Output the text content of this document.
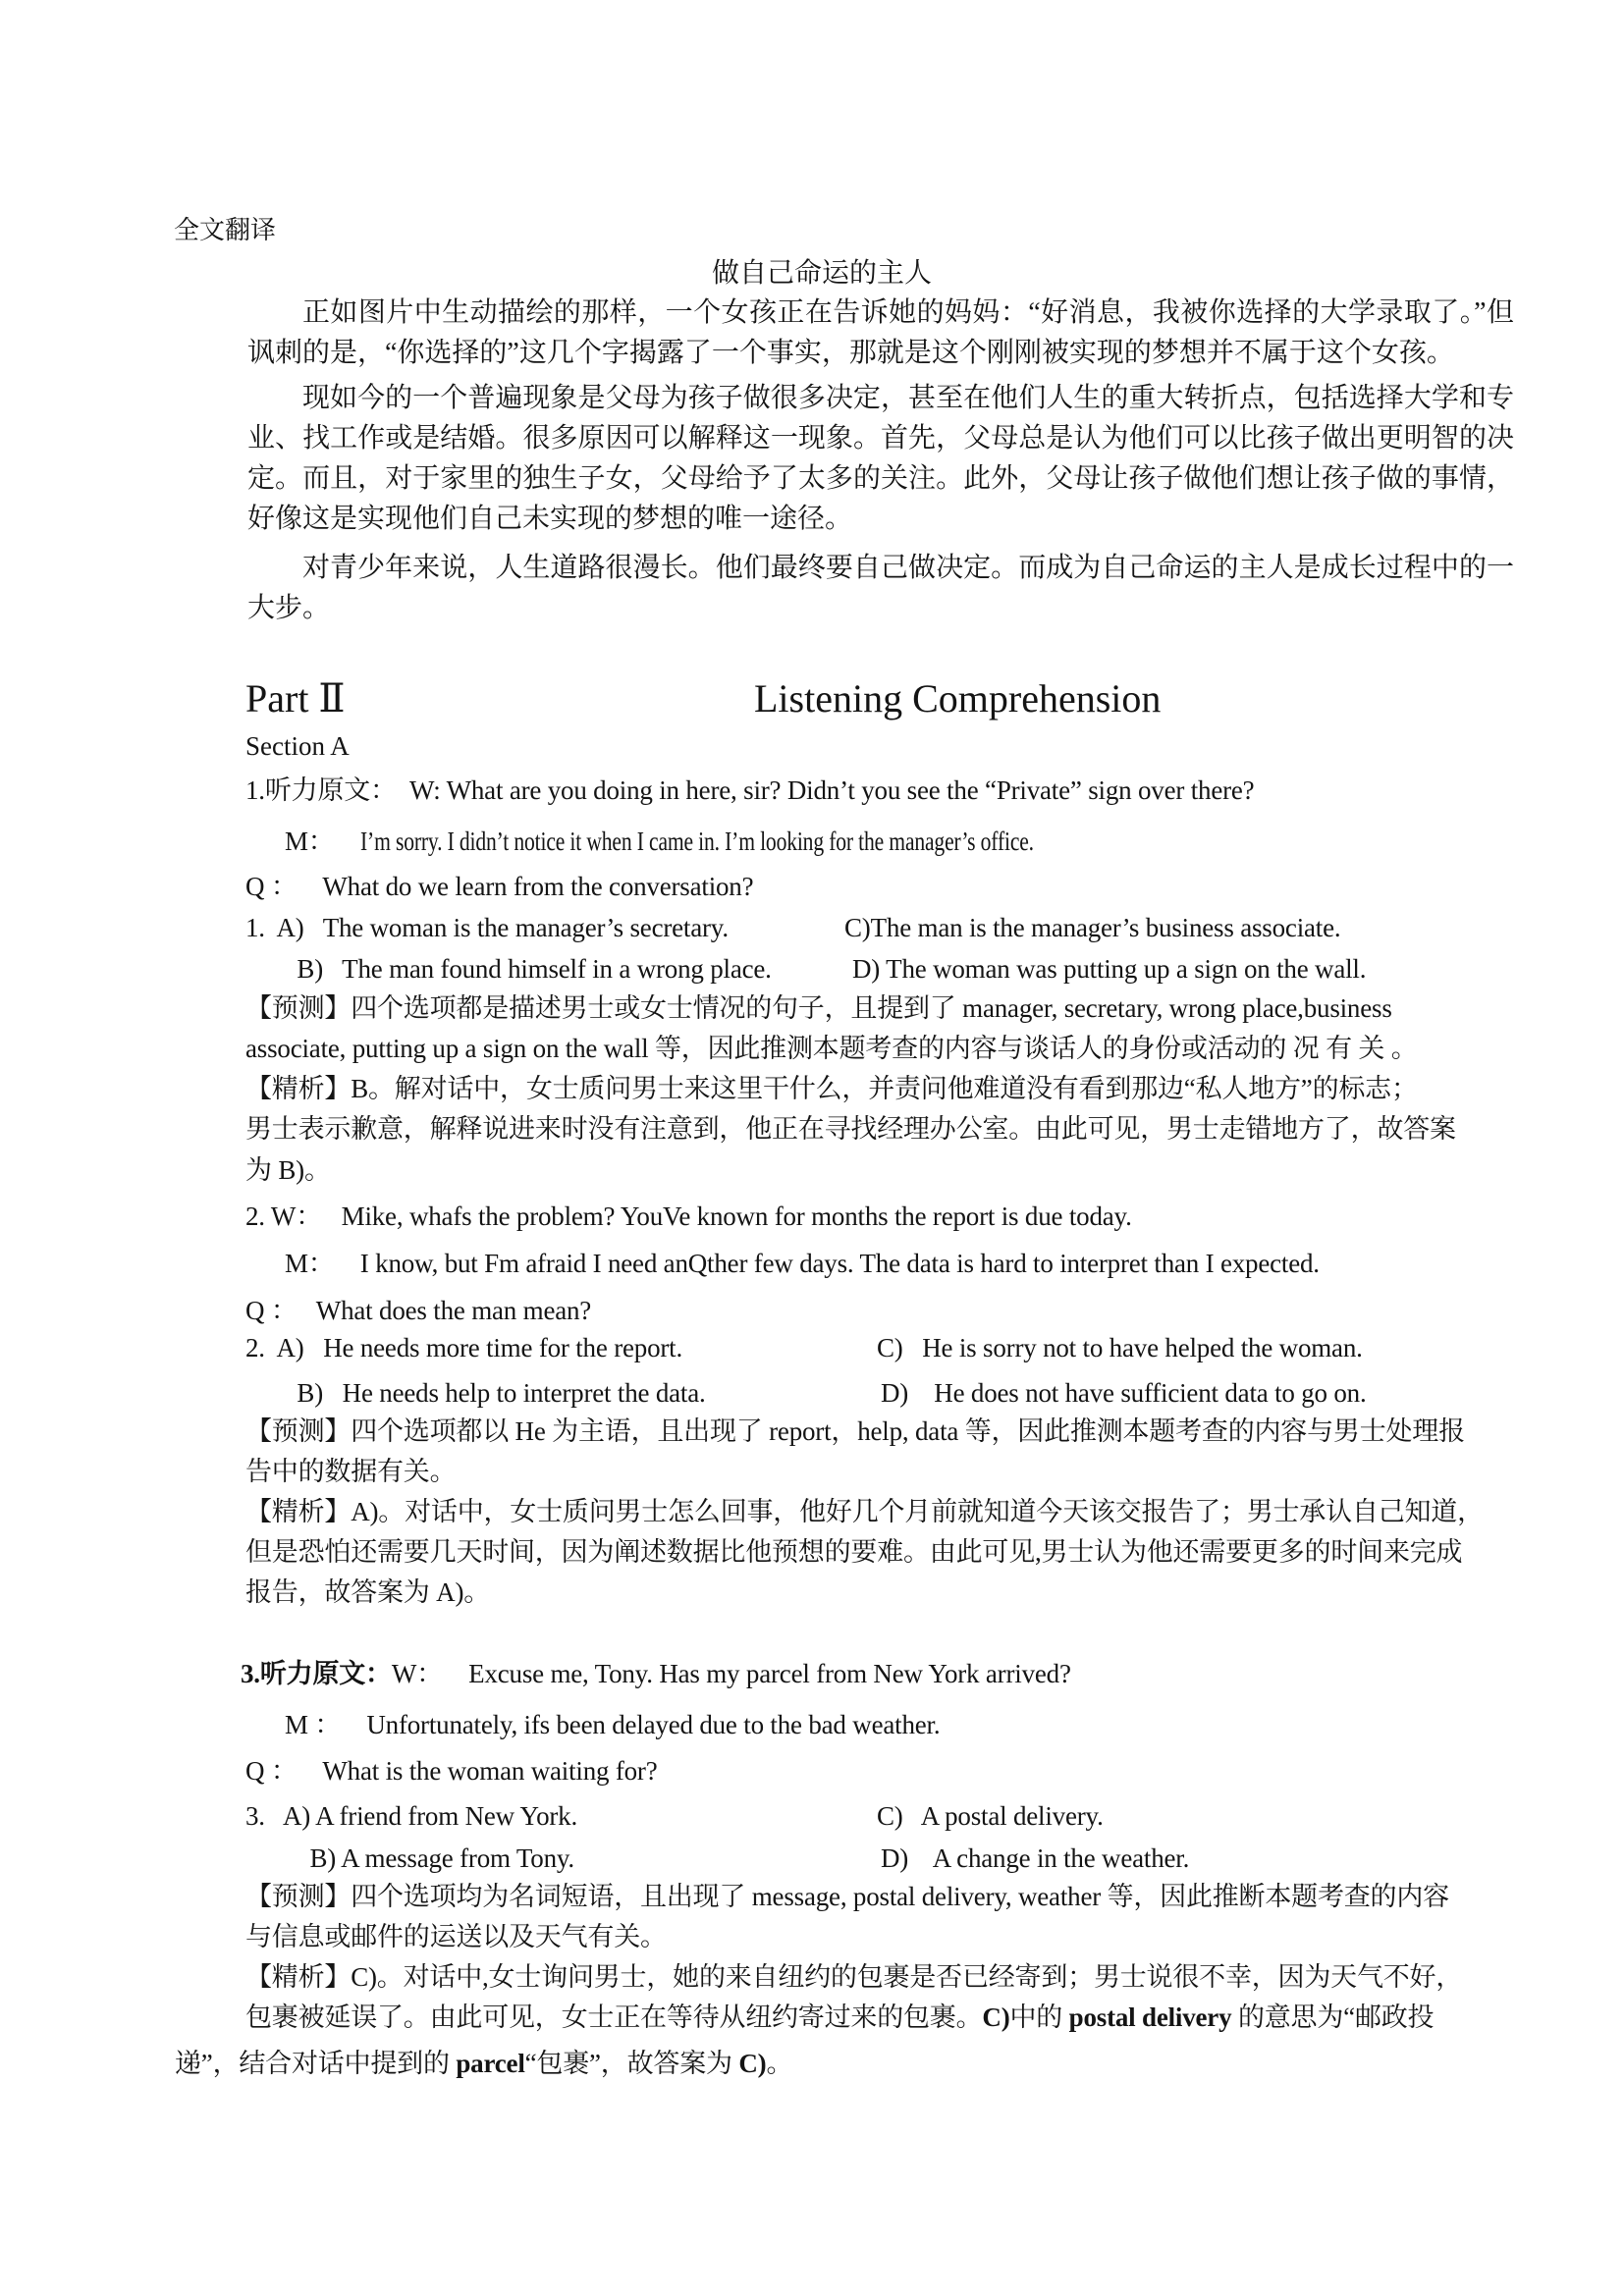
全文翻译
做自己命运的主人

正如图片中生动描绘的那样，一个女孩正在告诉她的妈妈：“好消息，我被你选择的大学录取了。”但讽刺的是，“你选择的”这几个字揭露了一个事实，那就是这个刚刚被实现的梦想并不属于这个女孩。

现如今的一个普遍现象是父母为孩子做很多决定，甚至在他们人生的重大转折点，包括选择大学和专业、找工作或是结婚。很多原因可以解释这一现象。首先，父母总是认为他们可以比孩子做出更明智的决定。而且，对于家里的独生子女，父母给予了太多的关注。此外，父母让孩子做他们想让孩子做的事情，好像这是实现他们自己未实现的梦想的唯一途径。

对青少年来说，人生道路很漫长。他们最终要自己做决定。而成为自己命运的主人是成长过程中的一大步。

Part Ⅱ	Listening Comprehension
Section A
1.听力原文：  W: What are you doing in here, sir? Didn’t you see the “Private” sign over there?
M： I’m sorry. I didn’t notice it when I came in. I’m looking for the manager’s office.
Q ：    What do we learn from the conversation?
1.  A)   The woman is the manager’s secretary.	C)The man is the manager’s business associate.
B)   The man found himself in a wrong place.	D) The woman was putting up a sign on the wall.
【预测】四个选项都是描述男士或女士情况的句子，且提到了 manager, secretary, wrong place,business
associate, putting up a sign on the wall 等，因此推测本题考查的内容与谈话人的身份或活动的 况 有 关 。
【精析】B。解对话中，女士质问男士来这里干什么，并责问他难道没有看到那边“私人地方”的标志；
男士表示歉意，解释说进来时没有注意到，他正在寻找经理办公室。由此可见，男士走错地方了，故答案
为 B)。
2. W：   Mike, whafs the problem? YouVe known for months the report is due today.
M：    I know, but Fm afraid I need anQther few days. The data is hard to interpret than I expected.
Q ：   What does the man mean?
2.  A)   He needs more time for the report.	C)   He is sorry not to have helped the woman.
B)   He needs help to interpret the data.	D)    He does not have sufficient data to go on.
【预测】四个选项都以 He 为主语，且出现了 report，help, data 等，因此推测本题考查的内容与男士处理报
告中的数据有关。
【精析】A)。对话中，女士质问男士怎么回事，他好几个月前就知道今天该交报告了；男士承认自己知道，
但是恐怕还需要几天时间，因为阐述数据比他预想的要难。由此可见,男士认为他还需要更多的时间来完成
报告，故答案为 A)。
3.听力原文：W：    Excuse me, Tony. Has my parcel from New York arrived?
M ：    Unfortunately, ifs been delayed due to the bad weather.
Q ：    What is the woman waiting for?
3.   A) A friend from New York.	C)   A postal delivery.
B) A message from Tony.	D)    A change in the weather.
【预测】四个选项均为名词短语，且出现了 message, postal delivery, weather 等，因此推断本题考查的内容
与信息或邮件的运送以及天气有关。
【精析】C)。对话中,女士询问男士，她的来自纽约的包裹是否已经寄到；男士说很不幸，因为天气不好，
包裹被延误了。由此可见，女士正在等待从纽约寄过来的包裹。C)中的 postal delivery 的意思为“邮政投
递”，结合对话中提到的 parcel“包裹”，故答案为 C)。
